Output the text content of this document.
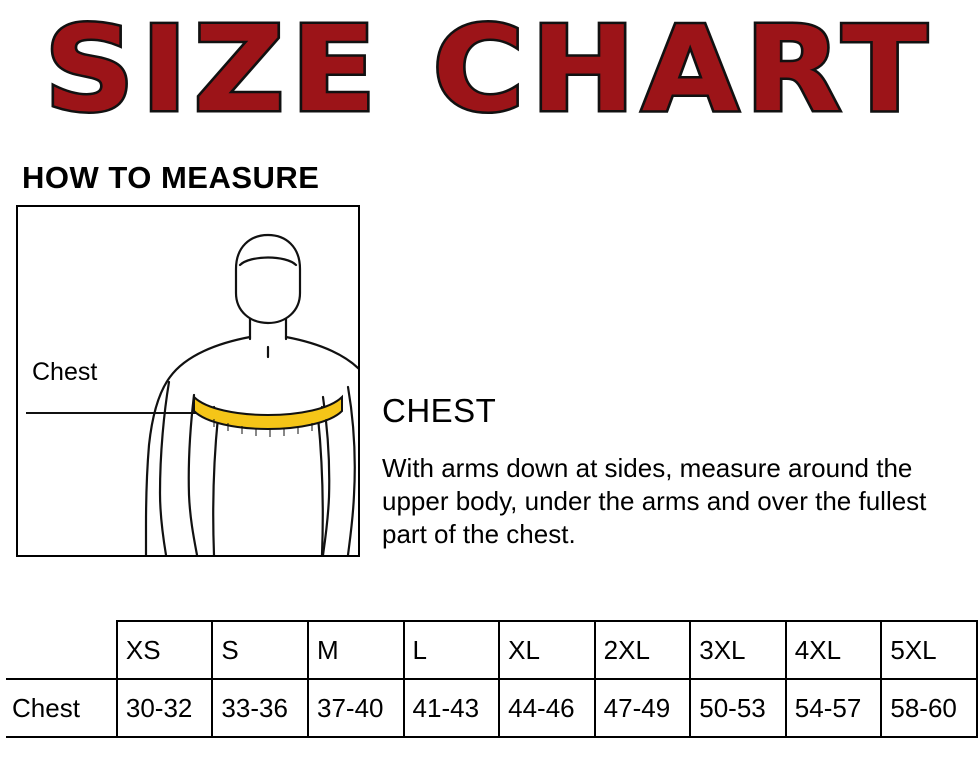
SIZE CHART
HOW TO MEASURE
Chest
CHEST
With arms down at sides, measure around the upper body, under the arms and over the fullest part of the chest.
	XS	S	M	L	XL	2XL	3XL	4XL	5XL
Chest	30-32	33-36	37-40	41-43	44-46	47-49	50-53	54-57	58-60
